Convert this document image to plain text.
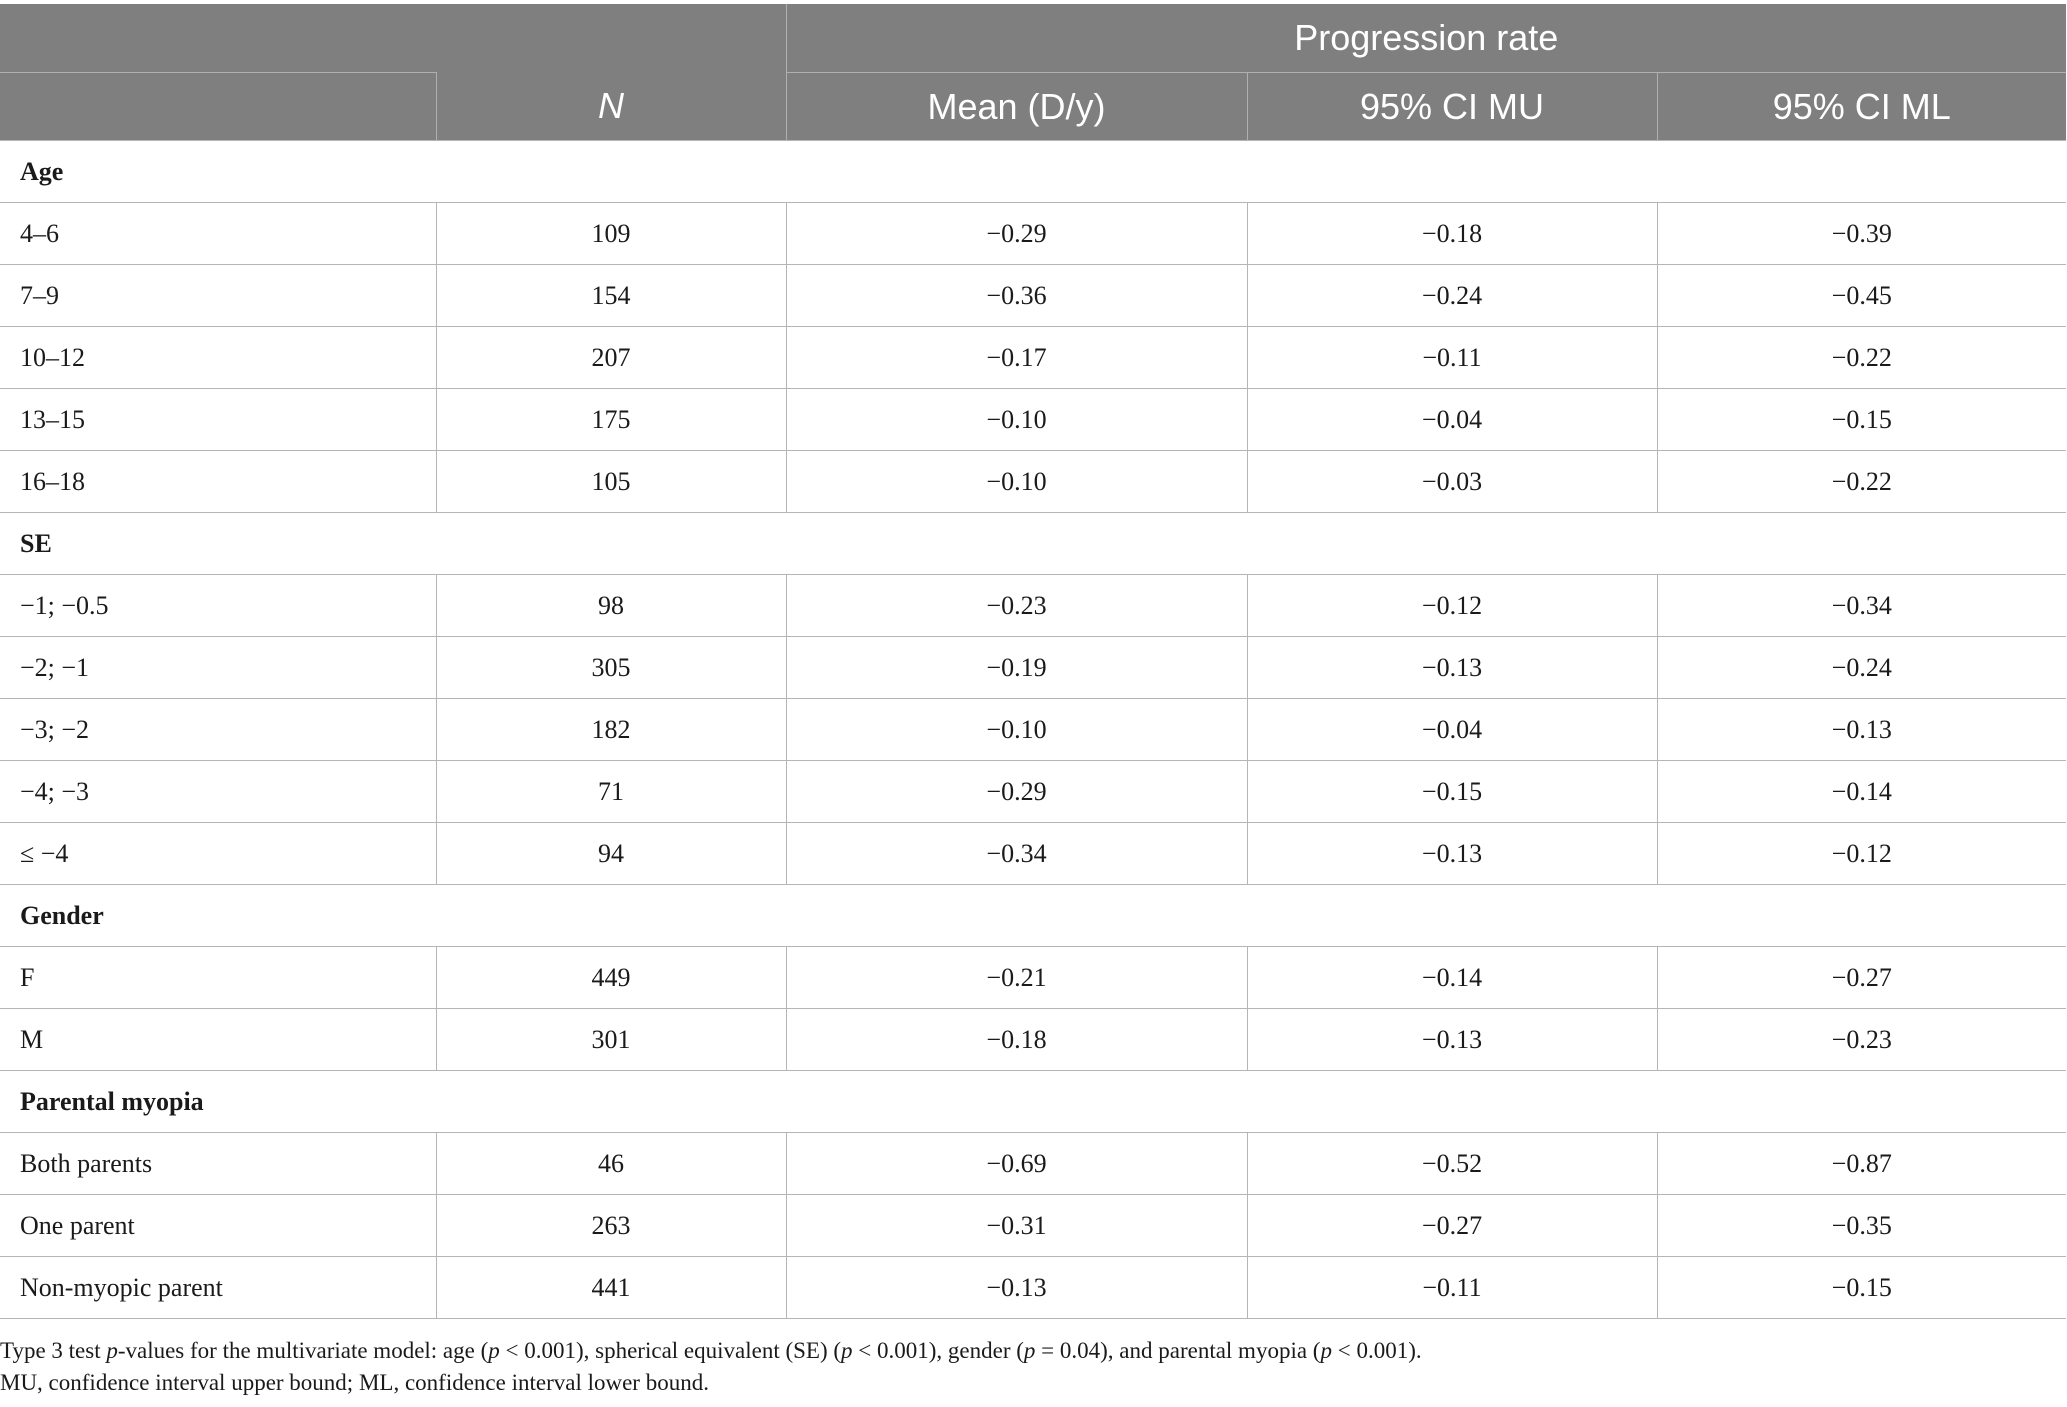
		Progression rate		
	N	Mean (D/y)	95% CI MU	95% CI ML
Age				
4–6	109	−0.29	−0.18	−0.39
7–9	154	−0.36	−0.24	−0.45
10–12	207	−0.17	−0.11	−0.22
13–15	175	−0.10	−0.04	−0.15
16–18	105	−0.10	−0.03	−0.22
SE				
−1; −0.5	98	−0.23	−0.12	−0.34
−2; −1	305	−0.19	−0.13	−0.24
−3; −2	182	−0.10	−0.04	−0.13
−4; −3	71	−0.29	−0.15	−0.14
≤ −4	94	−0.34	−0.13	−0.12
Gender				
F	449	−0.21	−0.14	−0.27
M	301	−0.18	−0.13	−0.23
Parental myopia				
Both parents	46	−0.69	−0.52	−0.87
One parent	263	−0.31	−0.27	−0.35
Non-myopic parent	441	−0.13	−0.11	−0.15

Type 3 test p-values for the multivariate model: age (p < 0.001), spherical equivalent (SE) (p < 0.001), gender (p = 0.04), and parental myopia (p < 0.001).

MU, confidence interval upper bound; ML, confidence interval lower bound.
